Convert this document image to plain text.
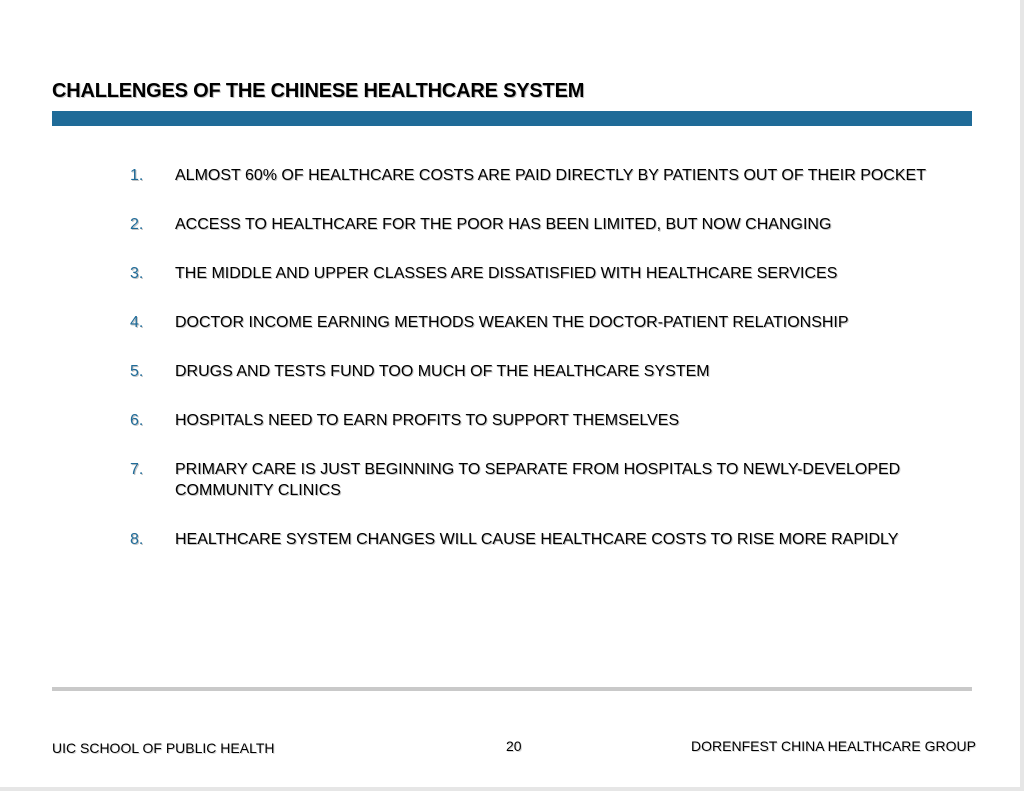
CHALLENGES OF THE CHINESE HEALTHCARE SYSTEM
1.	ALMOST 60% OF HEALTHCARE COSTS ARE PAID DIRECTLY BY PATIENTS OUT OF THEIR POCKET
2.	ACCESS TO HEALTHCARE FOR THE POOR HAS BEEN LIMITED, BUT NOW CHANGING
3.	THE MIDDLE AND UPPER CLASSES ARE DISSATISFIED WITH HEALTHCARE SERVICES
4.	DOCTOR INCOME EARNING METHODS WEAKEN THE DOCTOR-PATIENT RELATIONSHIP
5.	DRUGS AND TESTS FUND TOO MUCH OF THE HEALTHCARE SYSTEM
6.	HOSPITALS NEED TO EARN PROFITS TO SUPPORT THEMSELVES
7.	PRIMARY CARE IS JUST BEGINNING TO SEPARATE FROM HOSPITALS TO NEWLY-DEVELOPED COMMUNITY CLINICS
8.	HEALTHCARE SYSTEM CHANGES WILL CAUSE HEALTHCARE COSTS TO RISE MORE RAPIDLY
UIC SCHOOL OF PUBLIC HEALTH	20	DORENFEST CHINA HEALTHCARE GROUP
